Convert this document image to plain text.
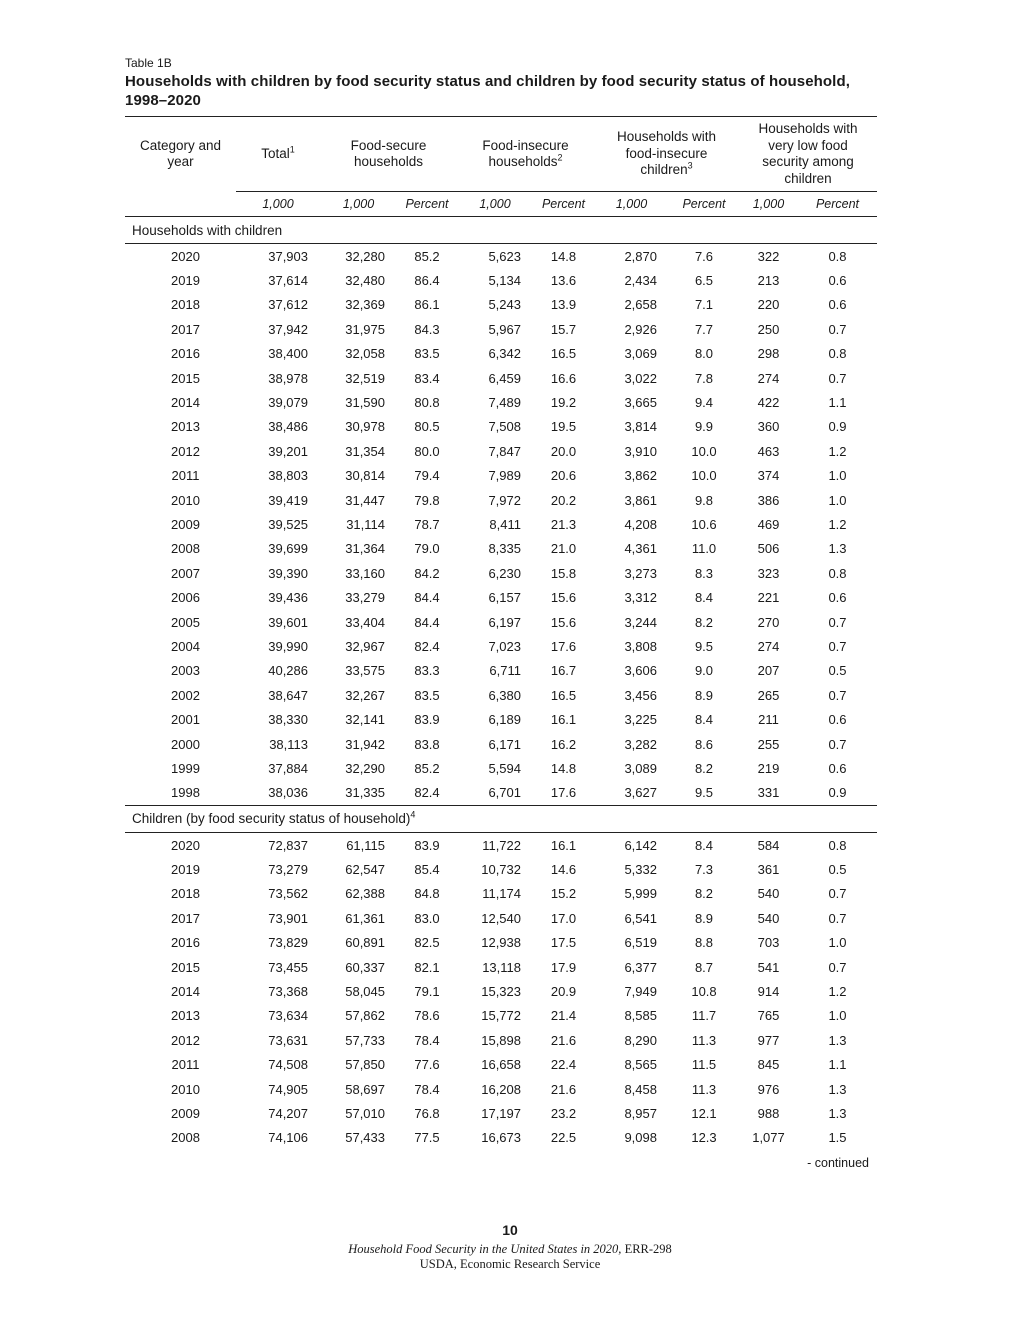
Table 1B
Households with children by food security status and children by food security status of household, 1998–2020
Category and year	Total$^1$	Food-secure households		Food-insecure households$^2$		Households with food-insecure children$^3$		Households with very low food security among children	
	1,000	1,000	Percent	1,000	Percent	1,000	Percent	1,000	Percent
Households with children									
2020	37,903	32,280	85.2	5,623	14.8	2,870	7.6	322	0.8
2019	37,614	32,480	86.4	5,134	13.6	2,434	6.5	213	0.6
2018	37,612	32,369	86.1	5,243	13.9	2,658	7.1	220	0.6
2017	37,942	31,975	84.3	5,967	15.7	2,926	7.7	250	0.7
2016	38,400	32,058	83.5	6,342	16.5	3,069	8.0	298	0.8
2015	38,978	32,519	83.4	6,459	16.6	3,022	7.8	274	0.7
2014	39,079	31,590	80.8	7,489	19.2	3,665	9.4	422	1.1
2013	38,486	30,978	80.5	7,508	19.5	3,814	9.9	360	0.9
2012	39,201	31,354	80.0	7,847	20.0	3,910	10.0	463	1.2
2011	38,803	30,814	79.4	7,989	20.6	3,862	10.0	374	1.0
2010	39,419	31,447	79.8	7,972	20.2	3,861	9.8	386	1.0
2009	39,525	31,114	78.7	8,411	21.3	4,208	10.6	469	1.2
2008	39,699	31,364	79.0	8,335	21.0	4,361	11.0	506	1.3
2007	39,390	33,160	84.2	6,230	15.8	3,273	8.3	323	0.8
2006	39,436	33,279	84.4	6,157	15.6	3,312	8.4	221	0.6
2005	39,601	33,404	84.4	6,197	15.6	3,244	8.2	270	0.7
2004	39,990	32,967	82.4	7,023	17.6	3,808	9.5	274	0.7
2003	40,286	33,575	83.3	6,711	16.7	3,606	9.0	207	0.5
2002	38,647	32,267	83.5	6,380	16.5	3,456	8.9	265	0.7
2001	38,330	32,141	83.9	6,189	16.1	3,225	8.4	211	0.6
2000	38,113	31,942	83.8	6,171	16.2	3,282	8.6	255	0.7
1999	37,884	32,290	85.2	5,594	14.8	3,089	8.2	219	0.6
1998	38,036	31,335	82.4	6,701	17.6	3,627	9.5	331	0.9
Children (by food security status of household)$^4$
2020	72,837	61,115	83.9	11,722	16.1	6,142	8.4	584	0.8
2019	73,279	62,547	85.4	10,732	14.6	5,332	7.3	361	0.5
2018	73,562	62,388	84.8	11,174	15.2	5,999	8.2	540	0.7
2017	73,901	61,361	83.0	12,540	17.0	6,541	8.9	540	0.7
2016	73,829	60,891	82.5	12,938	17.5	6,519	8.8	703	1.0
2015	73,455	60,337	82.1	13,118	17.9	6,377	8.7	541	0.7
2014	73,368	58,045	79.1	15,323	20.9	7,949	10.8	914	1.2
2013	73,634	57,862	78.6	15,772	21.4	8,585	11.7	765	1.0
2012	73,631	57,733	78.4	15,898	21.6	8,290	11.3	977	1.3
2011	74,508	57,850	77.6	16,658	22.4	8,565	11.5	845	1.1
2010	74,905	58,697	78.4	16,208	21.6	8,458	11.3	976	1.3
2009	74,207	57,010	76.8	17,197	23.2	8,957	12.1	988	1.3
2008	74,106	57,433	77.5	16,673	22.5	9,098	12.3	1,077	1.5
- continued
10
Household Food Security in the United States in 2020, ERR-298
USDA, Economic Research Service
